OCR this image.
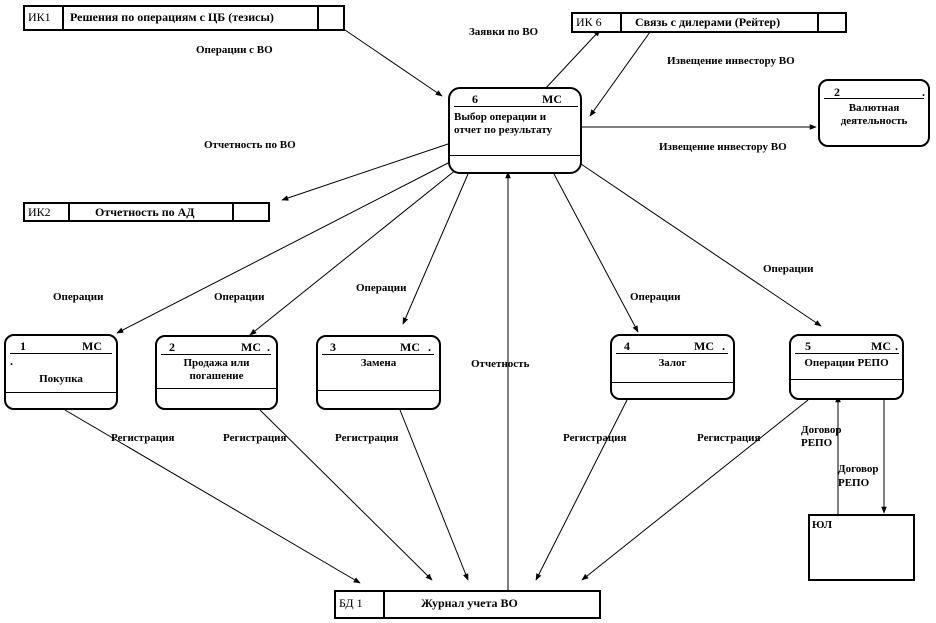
ИК1	Решения по операциям с ЦБ (тезисы)	ИК 6	Связь с дилерами (Рейтер)
ИК2	Отчетность по АД
БД 1	Журнал учета ВО
6	МС
Выбор операции и отчет по результату
2	.
Валютная деятельность
1	МС
.
Покупка
2	МС .
Продажа или погашение
3	МС .
Замена
4	МС .
Залог
5	МС .
Операции РЕПО
ЮЛ
Операции с ВО
Заявки по ВО
Извещение инвестору ВО
Извещение инвестору ВО
Отчетность по ВО
Операции	Операции
Операции
Операции
Операции
Отчетность
Регистрация	Регистрация	Регистрация	Регистрация	Регистрация
Договор РЕПО
Договор РЕПО
